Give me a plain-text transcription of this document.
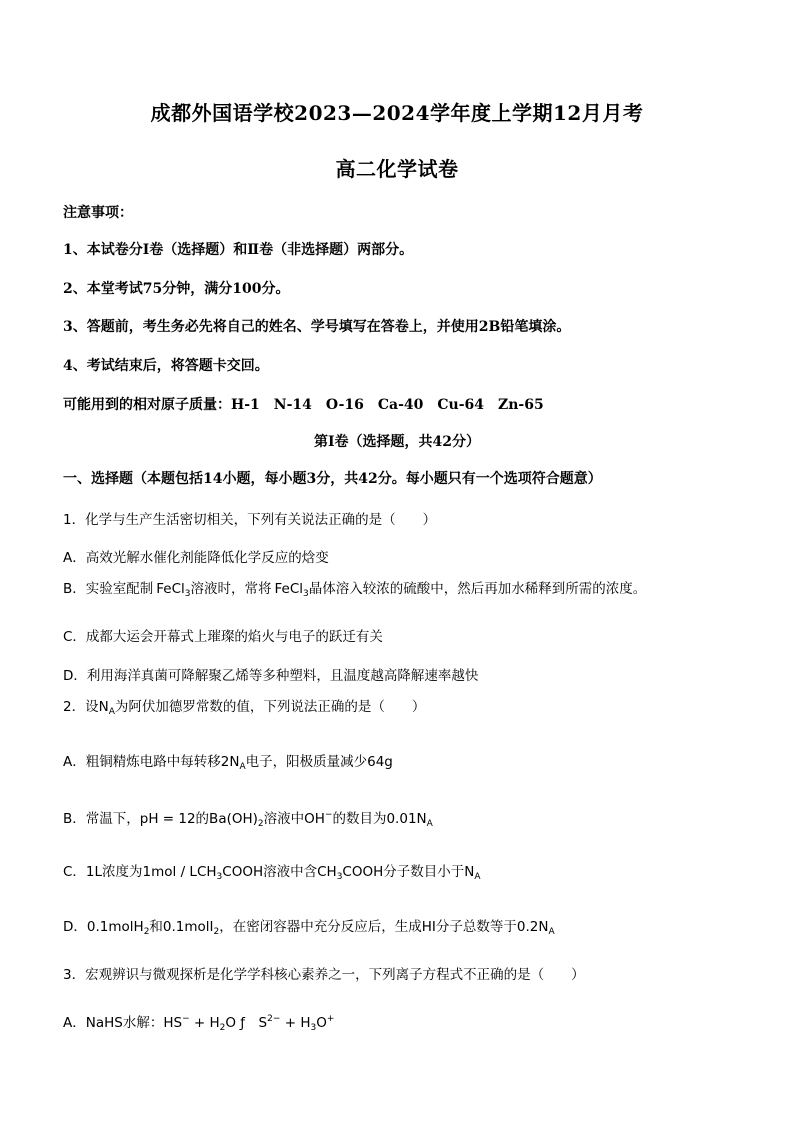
成都外国语学校2023—2024学年度上学期12月月考
高二化学试卷
注意事项：
1、本试卷分Ⅰ卷（选择题）和Ⅱ卷（非选择题）两部分。
2、本堂考试75分钟，满分100分。
3、答题前，考生务必先将自己的姓名、学号填写在答卷上，并使用2B铅笔填涂。
4、考试结束后，将答题卡交回。
可能用到的相对原子质量：H-1 N-14 O-16 Ca-40 Cu-64 Zn-65
第Ⅰ卷（选择题，共42分）
一、选择题（本题包括14小题，每小题3分，共42分。每小题只有一个选项符合题意）
1．化学与生产生活密切相关，下列有关说法正确的是（　　）
A．高效光解水催化剂能降低化学反应的焓变
B．实验室配制 FeCl$_3$溶液时，常将 FeCl$_3$晶体溶入较浓的硫酸中，然后再加水稀释到所需的浓度。
C．成都大运会开幕式上璀璨的焰火与电子的跃迁有关
D．利用海洋真菌可降解聚乙烯等多种塑料，且温度越高降解速率越快
2．设$N_A$为阿伏加德罗常数的值，下列说法正确的是（　　）
A．粗铜精炼电路中每转移$2N_A$电子，阳极质量减少64g
B．常温下，pH = 12的$Ba(OH)_2$溶液中OH−的数目为$0.01N_A$
C．1L浓度为$1mol / LCH_3COOH$溶液中含$CH_3COOH$分子数目小于$N_A$
D．0.1molH$_2$和0.1molI$_2$，在密闭容器中充分反应后，生成HI分子总数等于$0.2N_A$
3．宏观辨识与微观探析是化学学科核心素养之一，下列离子方程式不正确的是（　　）
A．NaHS水解：$HS^- + H_2O$ ƒ　$S^{2-} + H_3O^+$
